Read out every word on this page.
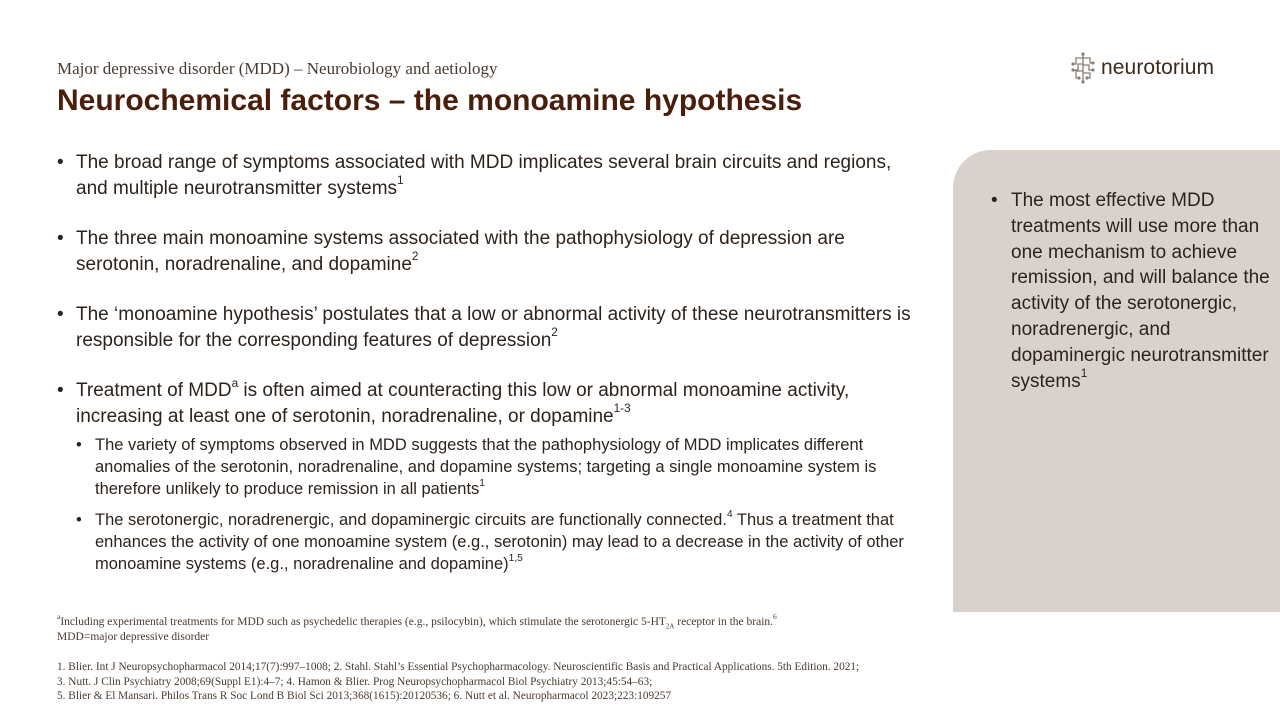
Major depressive disorder (MDD) – Neurobiology and aetiology
Neurochemical factors – the monoamine hypothesis
neurotorium
• The broad range of symptoms associated with MDD implicates several brain circuits and regions, and multiple neurotransmitter systems$^1$
• The three main monoamine systems associated with the pathophysiology of depression are serotonin, noradrenaline, and dopamine$^2$
• The ‘monoamine hypothesis’ postulates that a low or abnormal activity of these neurotransmitters is responsible for the corresponding features of depression$^2$
• Treatment of MDD$^a$ is often aimed at counteracting this low or abnormal monoamine activity, increasing at least one of serotonin, noradrenaline, or dopamine$^{1-3}$
• The variety of symptoms observed in MDD suggests that the pathophysiology of MDD implicates different anomalies of the serotonin, noradrenaline, and dopamine systems; targeting a single monoamine system is therefore unlikely to produce remission in all patients$^1$
• The serotonergic, noradrenergic, and dopaminergic circuits are functionally connected.$^4$ Thus a treatment that enhances the activity of one monoamine system (e.g., serotonin) may lead to a decrease in the activity of other monoamine systems (e.g., noradrenaline and dopamine)$^{1,5}$
• The most effective MDD treatments will use more than one mechanism to achieve remission, and will balance the activity of the serotonergic, noradrenergic, and dopaminergic neurotransmitter systems$^1$
$^a$Including experimental treatments for MDD such as psychedelic therapies (e.g., psilocybin), which stimulate the serotonergic $5-HT_{2A}$ receptor in the brain.$^6$
MDD=major depressive disorder
1. Blier. Int J Neuropsychopharmacol 2014;17(7):997–1008; 2. Stahl. Stahl’s Essential Psychopharmacology. Neuroscientific Basis and Practical Applications. 5th Edition. 2021;
3. Nutt. J Clin Psychiatry 2008;69(Suppl E1):4–7; 4. Hamon & Blier. Prog Neuropsychopharmacol Biol Psychiatry 2013;45:54–63;
5. Blier & El Mansari. Philos Trans R Soc Lond B Biol Sci 2013;368(1615):20120536; 6. Nutt et al. Neuropharmacol 2023;223:109257
